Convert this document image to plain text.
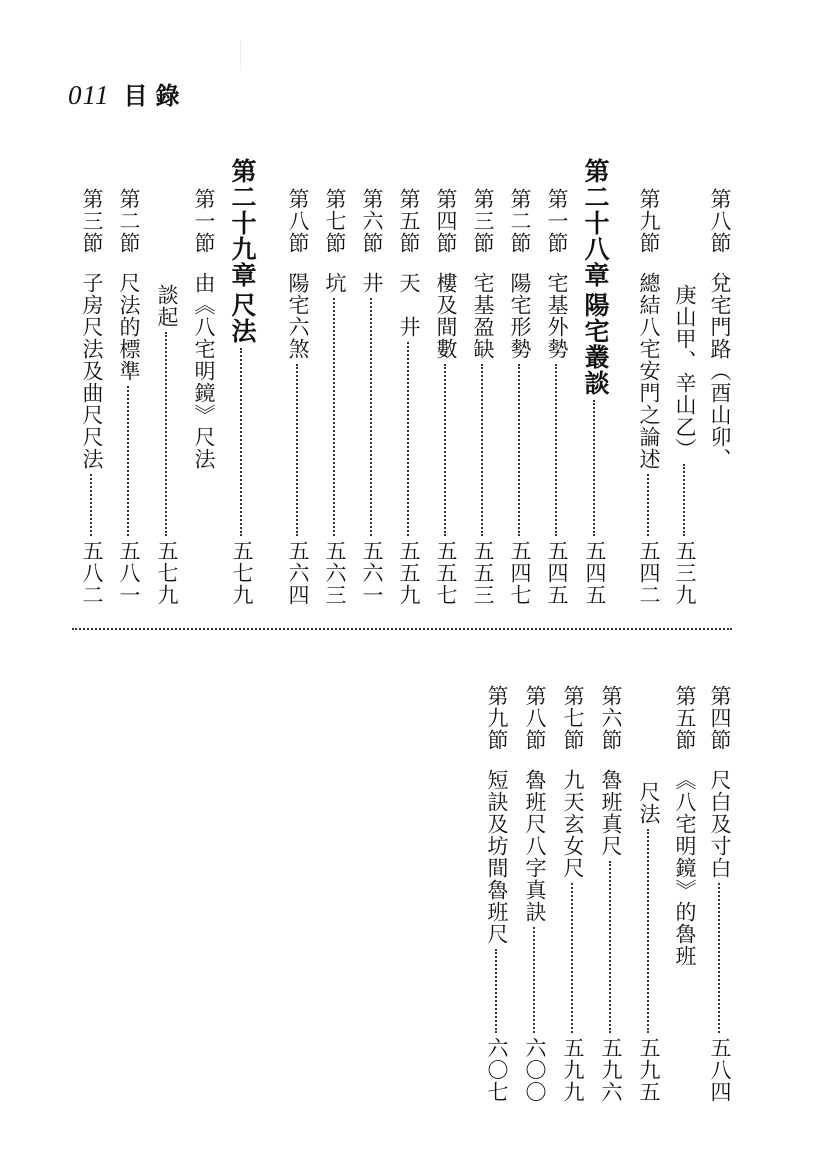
011 目錄
第八節
兌宅門路（酉山卯、
庚山甲、辛山乙）
五三九
第九節
總結八宅安門之論述
五四二
第二十八章
陽宅叢談
五四五
第一節
宅基外勢
五四五
第二節
陽宅形勢
五四七
第三節
宅基盈缺
五五三
第四節
樓及間數
五五七
第五節
天　井
五五九
第六節
井
五六一
第七節
坑
五六三
第八節
陽宅六煞
五六四
第二十九章
尺法
五七九
第一節
由《八宅明鏡》尺法
談起
五七九
第二節
尺法的標準
五八一
第三節
子房尺法及曲尺尺法
五八二
第四節
尺白及寸白
五八四
第五節
《八宅明鏡》的魯班
尺法
五九五
第六節
魯班真尺
五九六
第七節
九天玄女尺
五九九
第八節
魯班尺八字真訣
六〇〇
第九節
短訣及坊間魯班尺
六〇七
